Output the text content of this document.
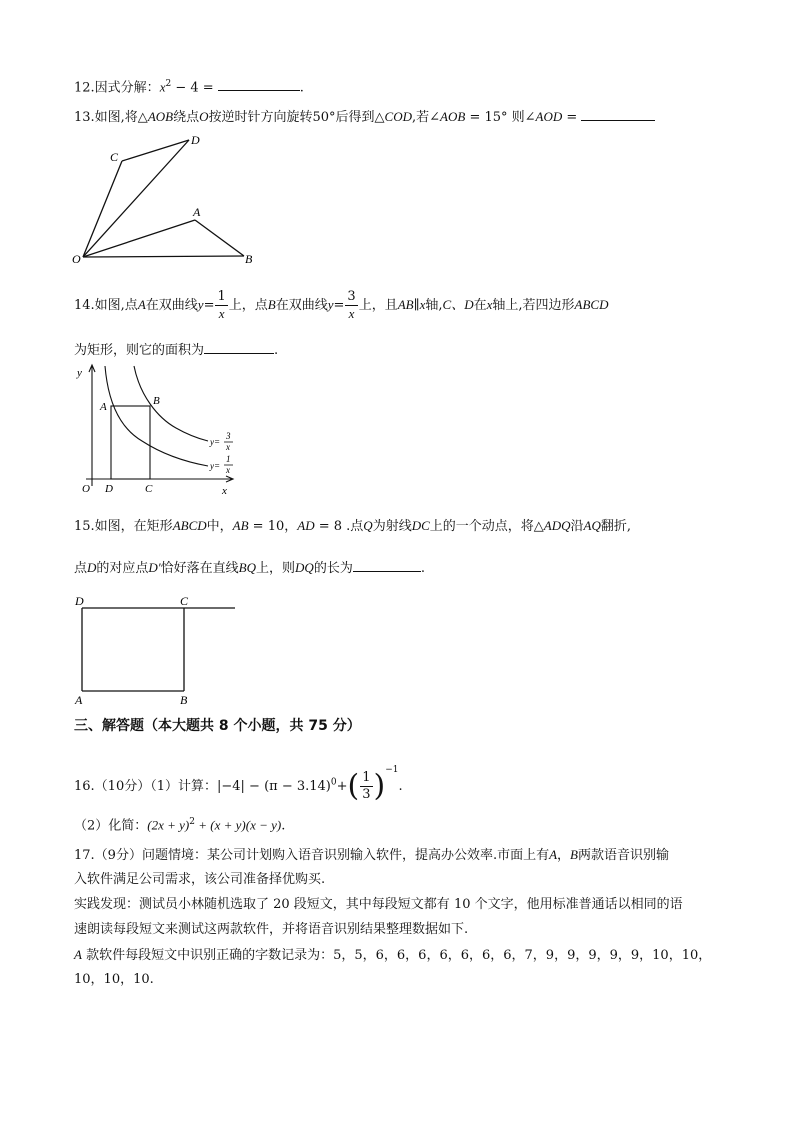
12.因式分解：$x^2 - 4$ =	.
13.如图,将△AOB绕点O按逆时针方向旋转50°后得到△COD,若∠AOB = 15° 则∠AOD =
O
A
B
C
D
14.如图,点A在双曲线$y= \frac{1}{x}$ 上，点B在双曲线$y= \frac{3}{x}$ 上，且AB∥x轴,C、D在x轴上,若四边形ABCD
为矩形，则它的面积为	.
y
x
O D	C
A	B
y=
3
x
y=
1
x
15.如图，在矩形ABCD中，AB = 10，AD = 8 .点Q为射线DC上的一个动点，将△ADQ沿AQ翻折,
点D的对应点D′恰好落在直线BQ上，则DQ的长为	.
D	C
A	B
三、解答题（本大题共 8 个小题，共 75 分）
16.（10分）（1）计算：$|-4| - (\pi - 3.14)^0+( \frac{1}{3} )^{-1}$.
（2）化简：$(2x + y)^2 + (x + y)(x - y)$.
17.（9分）问题情境：某公司计划购入语音识别输入软件，提高办公效率.市面上有A，B两款语音识别输
入软件满足公司需求，该公司准备择优购买.
实践发现：测试员小林随机选取了 20 段短文，其中每段短文都有 10 个文字，他用标准普通话以相同的语
速朗读每段短文来测试这两款软件，并将语音识别结果整理数据如下.
A 款软件每段短文中识别正确的字数记录为：5，5，6，6，6，6，6，6，6，7，9，9，9，9，9，10，10，
10，10，10.
